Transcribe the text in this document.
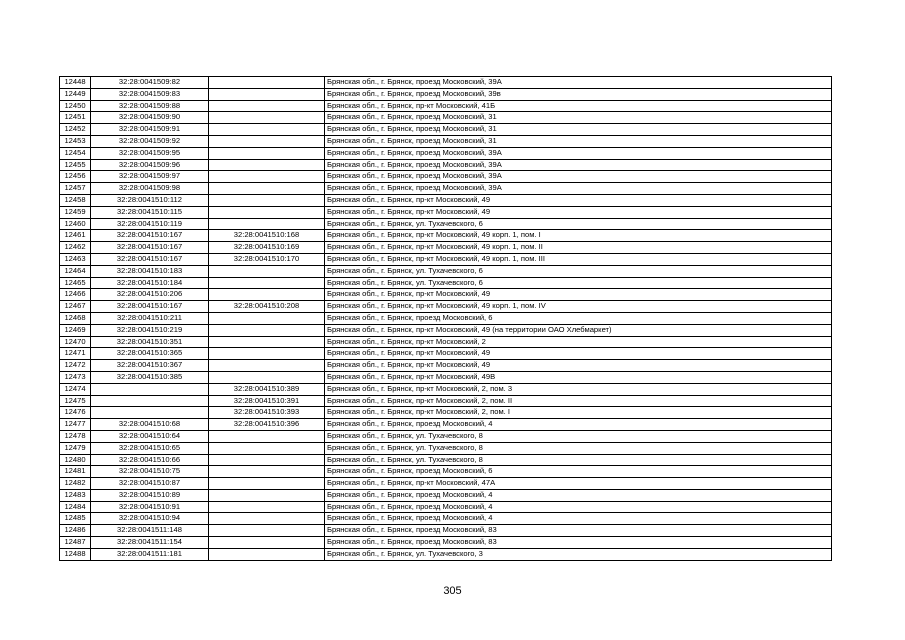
12448	32:28:0041509:82		Брянская обл., г. Брянск, проезд Московский, 39А
12449	32:28:0041509:83		Брянская обл., г. Брянск, проезд Московский, 39в
12450	32:28:0041509:88		Брянская обл., г. Брянск, пр-кт Московский, 41Б
12451	32:28:0041509:90		Брянская обл., г. Брянск, проезд Московский, 31
12452	32:28:0041509:91		Брянская обл., г. Брянск, проезд Московский, 31
12453	32:28:0041509:92		Брянская обл., г. Брянск, проезд Московский, 31
12454	32:28:0041509:95		Брянская обл., г. Брянск, проезд Московский, 39А
12455	32:28:0041509:96		Брянская обл., г. Брянск, проезд Московский, 39А
12456	32:28:0041509:97		Брянская обл., г. Брянск, проезд Московский, 39А
12457	32:28:0041509:98		Брянская обл., г. Брянск, проезд Московский, 39А
12458	32:28:0041510:112		Брянская обл., г. Брянск, пр-кт Московский, 49
12459	32:28:0041510:115		Брянская обл., г. Брянск, пр-кт Московский, 49
12460	32:28:0041510:119		Брянская обл., г. Брянск, ул. Тухачевского, 6
12461	32:28:0041510:167	32:28:0041510:168	Брянская обл., г. Брянск, пр-кт Московский, 49 корп. 1, пом. I
12462	32:28:0041510:167	32:28:0041510:169	Брянская обл., г. Брянск, пр-кт Московский, 49 корп. 1, пом. II
12463	32:28:0041510:167	32:28:0041510:170	Брянская обл., г. Брянск, пр-кт Московский, 49 корп. 1, пом. III
12464	32:28:0041510:183		Брянская обл., г. Брянск, ул. Тухачевского, 6
12465	32:28:0041510:184		Брянская обл., г. Брянск, ул. Тухачевского, 6
12466	32:28:0041510:206		Брянская обл., г. Брянск, пр-кт Московский, 49
12467	32:28:0041510:167	32:28:0041510:208	Брянская обл., г. Брянск, пр-кт Московский, 49 корп. 1, пом. IV
12468	32:28:0041510:211		Брянская обл., г. Брянск, проезд Московский, 6
12469	32:28:0041510:219		Брянская обл., г. Брянск, пр-кт Московский, 49 (на территории ОАО Хлебмаркет)
12470	32:28:0041510:351		Брянская обл., г. Брянск, пр-кт Московский, 2
12471	32:28:0041510:365		Брянская обл., г. Брянск, пр-кт Московский, 49
12472	32:28:0041510:367		Брянская обл., г. Брянск, пр-кт Московский, 49
12473	32:28:0041510:385		Брянская обл., г. Брянск, пр-кт Московский, 49В
12474		32:28:0041510:389	Брянская обл., г. Брянск, пр-кт Московский, 2, пом. 3
12475		32:28:0041510:391	Брянская обл., г. Брянск, пр-кт Московский, 2, пом. II
12476		32:28:0041510:393	Брянская обл., г. Брянск, пр-кт Московский, 2, пом. I
12477	32:28:0041510:68	32:28:0041510:396	Брянская обл., г. Брянск, проезд Московский, 4
12478	32:28:0041510:64		Брянская обл., г. Брянск, ул. Тухачевского, 8
12479	32:28:0041510:65		Брянская обл., г. Брянск, ул. Тухачевского, 8
12480	32:28:0041510:66		Брянская обл., г. Брянск, ул. Тухачевского, 8
12481	32:28:0041510:75		Брянская обл., г. Брянск, проезд Московский, 6
12482	32:28:0041510:87		Брянская обл., г. Брянск, пр-кт Московский, 47А
12483	32:28:0041510:89		Брянская обл., г. Брянск, проезд Московский, 4
12484	32:28:0041510:91		Брянская обл., г. Брянск, проезд Московский, 4
12485	32:28:0041510:94		Брянская обл., г. Брянск, проезд Московский, 4
12486	32:28:0041511:148		Брянская обл., г. Брянск, проезд Московский, 83
12487	32:28:0041511:154		Брянская обл., г. Брянск, проезд Московский, 83
12488	32:28:0041511:181		Брянская обл., г. Брянск, ул. Тухачевского, 3
305
